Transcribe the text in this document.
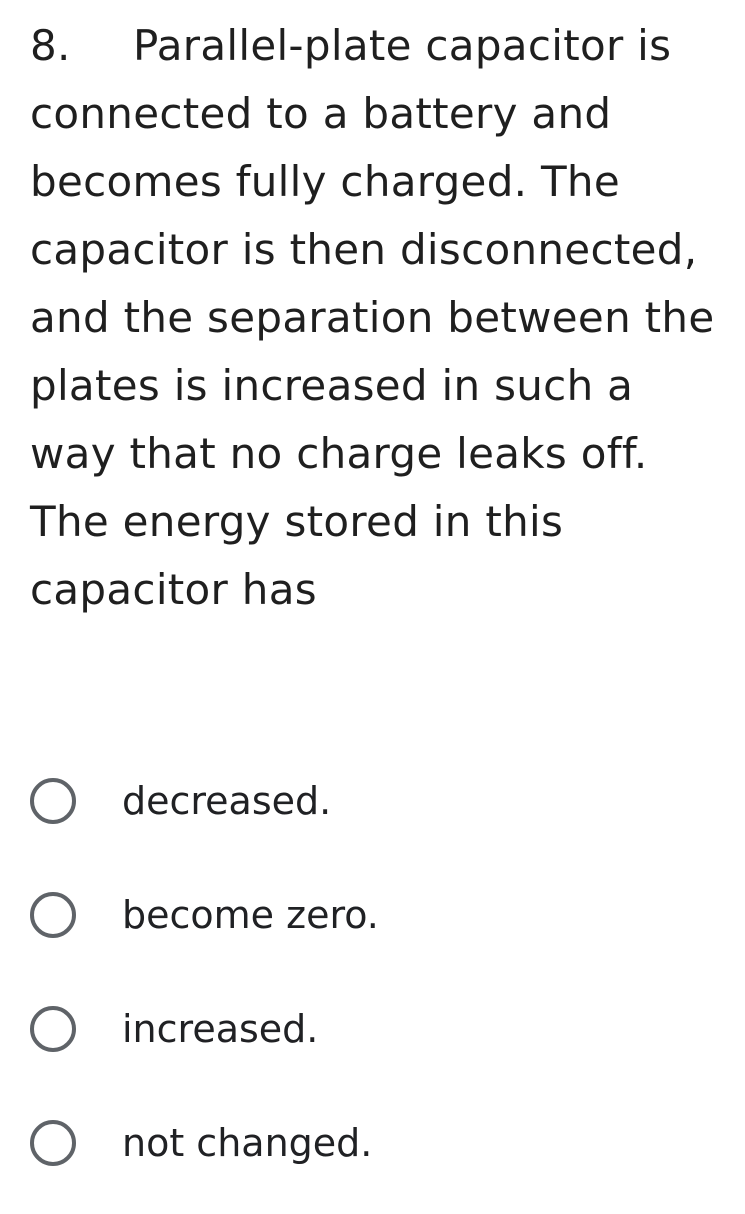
8. Parallel-plate capacitor is connected to a battery and becomes fully charged. The capacitor is then disconnected, and the separation between the plates is increased in such a way that no charge leaks off. The energy stored in this capacitor has

decreased.
become zero.
increased.
not changed.
